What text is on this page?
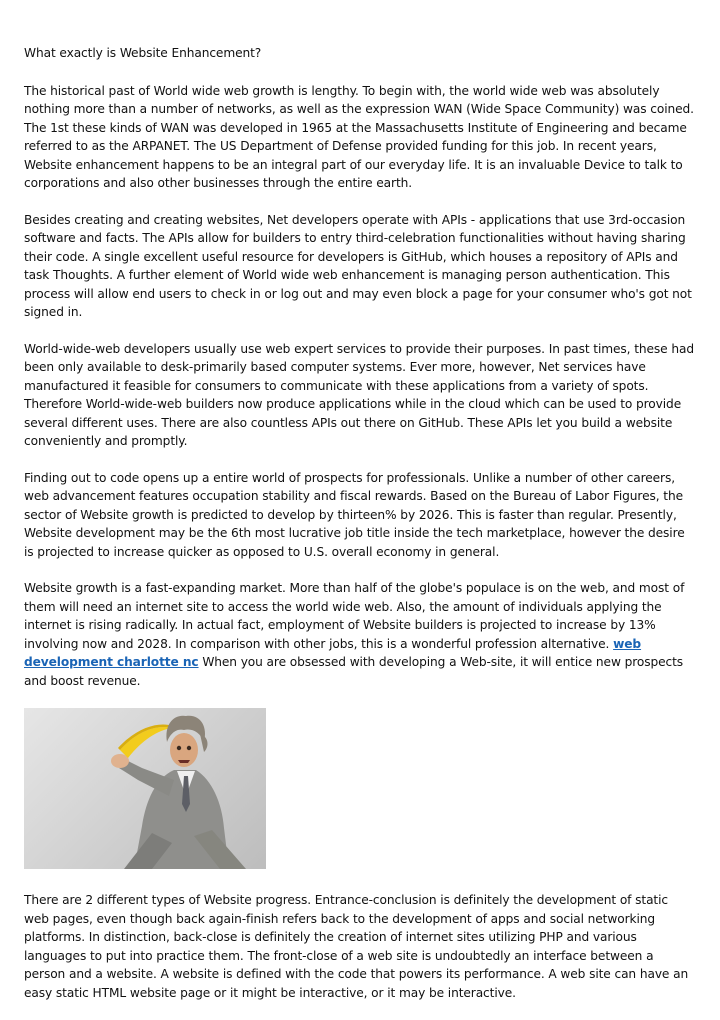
What exactly is Website Enhancement?

The historical past of World wide web growth is lengthy. To begin with, the world wide web was absolutely nothing more than a number of networks, as well as the expression WAN (Wide Space Community) was coined. The 1st these kinds of WAN was developed in 1965 at the Massachusetts Institute of Engineering and became referred to as the ARPANET. The US Department of Defense provided funding for this job. In recent years, Website enhancement happens to be an integral part of our everyday life. It is an invaluable Device to talk to corporations and also other businesses through the entire earth.

Besides creating and creating websites, Net developers operate with APIs - applications that use 3rd-occasion software and facts. The APIs allow for builders to entry third-celebration functionalities without having sharing their code. A single excellent useful resource for developers is GitHub, which houses a repository of APIs and task Thoughts. A further element of World wide web enhancement is managing person authentication. This process will allow end users to check in or log out and may even block a page for your consumer who's got not signed in.

World-wide-web developers usually use web expert services to provide their purposes. In past times, these had been only available to desk-primarily based computer systems. Ever more, however, Net services have manufactured it feasible for consumers to communicate with these applications from a variety of spots. Therefore World-wide-web builders now produce applications while in the cloud which can be used to provide several different uses. There are also countless APIs out there on GitHub. These APIs let you build a website conveniently and promptly.

Finding out to code opens up a entire world of prospects for professionals. Unlike a number of other careers, web advancement features occupation stability and fiscal rewards. Based on the Bureau of Labor Figures, the sector of Website growth is predicted to develop by thirteen% by 2026. This is faster than regular. Presently, Website development may be the 6th most lucrative job title inside the tech marketplace, however the desire is projected to increase quicker as opposed to U.S. overall economy in general.

Website growth is a fast-expanding market. More than half of the globe's populace is on the web, and most of them will need an internet site to access the world wide web. Also, the amount of individuals applying the internet is rising radically. In actual fact, employment of Website builders is projected to increase by 13% involving now and 2028. In comparison with other jobs, this is a wonderful profession alternative. web development charlotte nc When you are obsessed with developing a Web-site, it will entice new prospects and boost revenue.

There are 2 different types of Website progress. Entrance-conclusion is definitely the development of static web pages, even though back again-finish refers back to the development of apps and social networking platforms. In distinction, back-close is definitely the creation of internet sites utilizing PHP and various languages to put into practice them. The front-close of a web site is undoubtedly an interface between a person and a website. A website is defined with the code that powers its performance. A web site can have an easy static HTML website page or it might be interactive, or it may be interactive.
